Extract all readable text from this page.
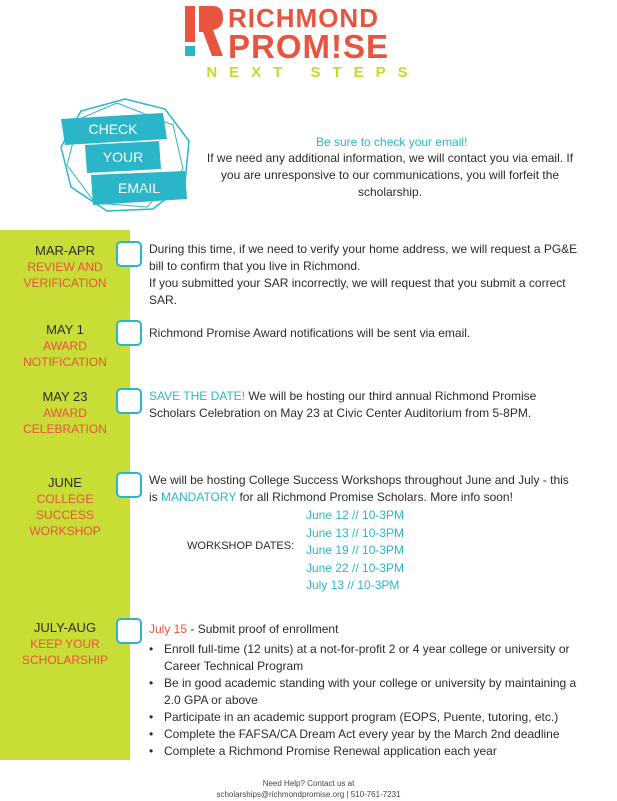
RICHMOND
PROM!SE
NEXT STEPS
CHECK
YOUR
EMAIL
Be sure to check your email!
If we need any additional information, we will contact you via email. If you are unresponsive to our communications, you will forfeit the scholarship.
MAR-APR
REVIEW AND
VERIFICATION
During this time, if we need to verify your home address, we will request a PG&E bill to confirm that you live in Richmond.
If you submitted your SAR incorrectly, we will request that you submit a correct SAR.
MAY 1
AWARD
NOTIFICATION
Richmond Promise Award notifications will be sent via email.
MAY 23
AWARD
CELEBRATION
SAVE THE DATE! We will be hosting our third annual Richmond Promise Scholars Celebration on May 23 at Civic Center Auditorium from 5-8PM.
JUNE
COLLEGE
SUCCESS
WORKSHOP
We will be hosting College Success Workshops throughout June and July - this is MANDATORY for all Richmond Promise Scholars. More info soon!
WORKSHOP DATES:
June 12 // 10-3PM
June 13 // 10-3PM
June 19 // 10-3PM
June 22 // 10-3PM
July 13 // 10-3PM
JULY-AUG
KEEP YOUR
SCHOLARSHIP
July 15 - Submit proof of enrollment
• Enroll full-time (12 units) at a not-for-profit 2 or 4 year college or university or Career Technical Program
• Be in good academic standing with your college or university by maintaining a 2.0 GPA or above
• Participate in an academic support program (EOPS, Puente, tutoring, etc.)
• Complete the FAFSA/CA Dream Act every year by the March 2nd deadline
• Complete a Richmond Promise Renewal application each year
Need Help? Contact us at
scholarships@richmondpromise.org | 510-761-7231
